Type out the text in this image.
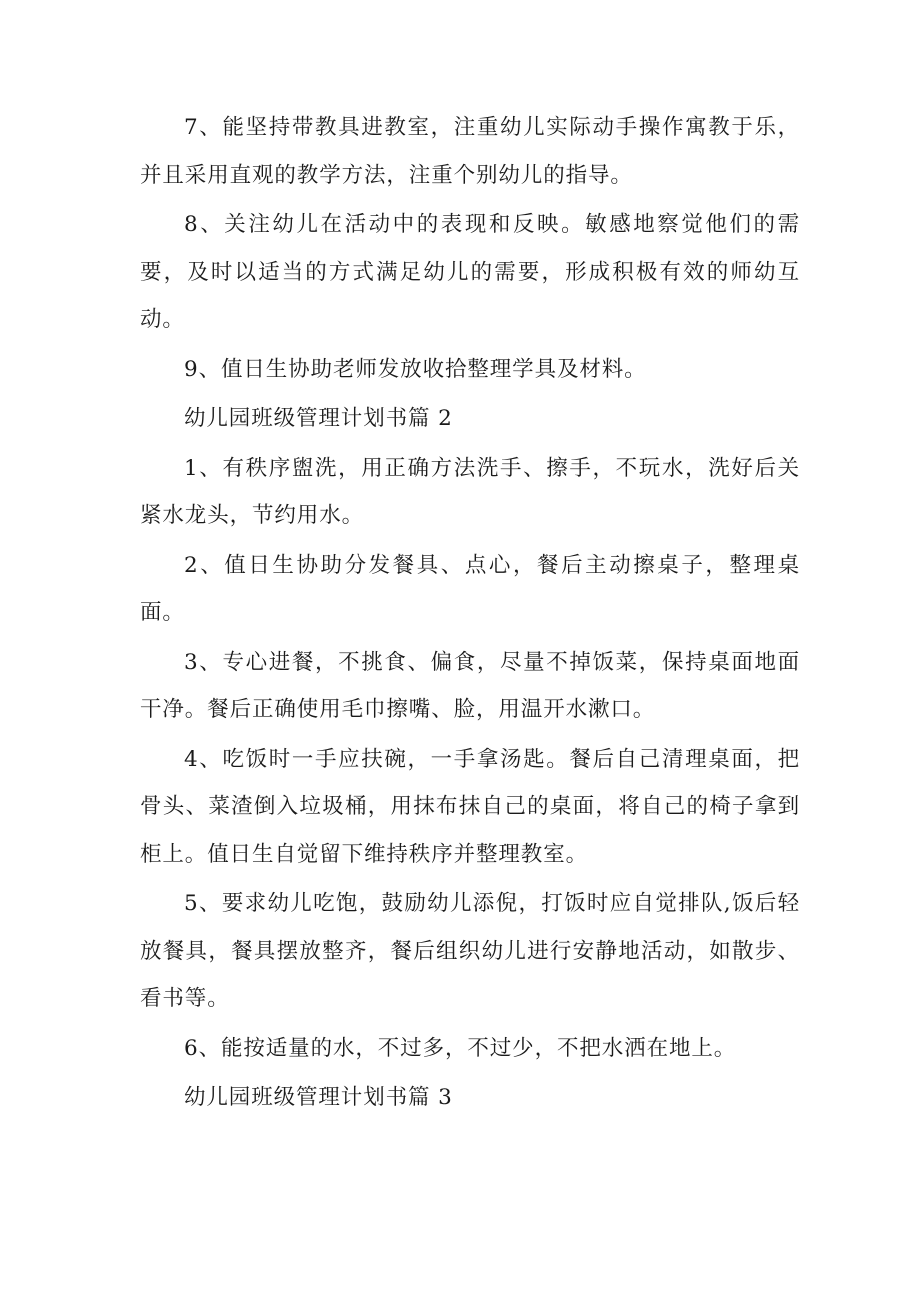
7、能坚持带教具进教室，注重幼儿实际动手操作寓教于乐，并且采用直观的教学方法，注重个别幼儿的指导。

8、关注幼儿在活动中的表现和反映。敏感地察觉他们的需要，及时以适当的方式满足幼儿的需要，形成积极有效的师幼互动。

9、值日生协助老师发放收拾整理学具及材料。

幼儿园班级管理计划书篇 2

1、有秩序盥洗，用正确方法洗手、擦手，不玩水，洗好后关紧水龙头，节约用水。

2、值日生协助分发餐具、点心，餐后主动擦桌子，整理桌面。

3、专心进餐，不挑食、偏食，尽量不掉饭菜，保持桌面地面干净。餐后正确使用毛巾擦嘴、脸，用温开水漱口。

4、吃饭时一手应扶碗，一手拿汤匙。餐后自己清理桌面，把骨头、菜渣倒入垃圾桶，用抹布抹自己的桌面，将自己的椅子拿到柜上。值日生自觉留下维持秩序并整理教室。

5、要求幼儿吃饱，鼓励幼儿添倪，打饭时应自觉排队,饭后轻放餐具，餐具摆放整齐，餐后组织幼儿进行安静地活动，如散步、看书等。

6、能按适量的水，不过多，不过少，不把水洒在地上。

幼儿园班级管理计划书篇 3
